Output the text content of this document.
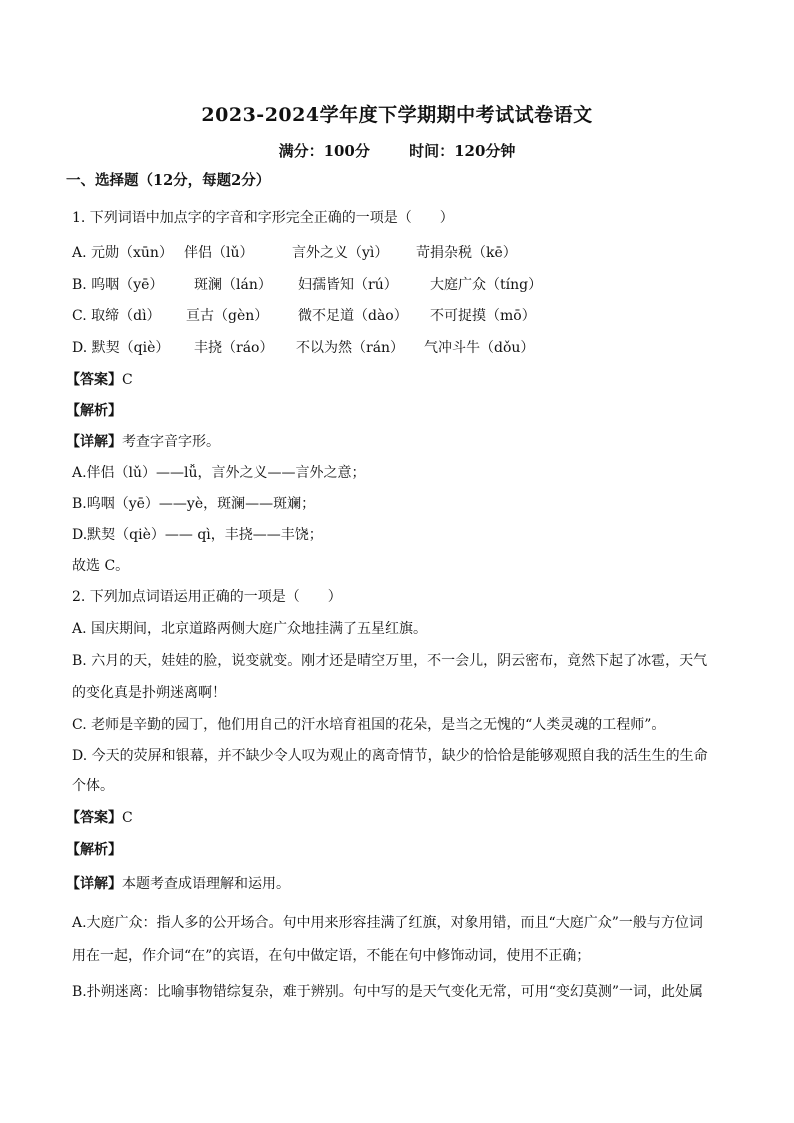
2023-2024学年度下学期期中考试试卷语文
满分：100分	时间：120分钟
一、选择题（12分，每题2分）
1. 下列词语中加点字的字音和字形完全正确的一项是（　　）
A. 元勋（xūn） 伴侣（lǔ）	言外之义（yì） 苛捐杂税（kē）
B. 呜咽（yē） 斑澜（lán） 妇孺皆知（rú） 大庭广众（tíng）
C. 取缔（dì） 亘古（gèn） 微不足道（dào） 不可捉摸（mō）
D. 默契（qiè） 丰挠（ráo） 不以为然（rán） 气冲斗牛（dǒu）
【答案】C
【解析】
【详解】考查字音字形。
A.伴侣（lǔ）——lǚ，言外之义——言外之意；
B.呜咽（yē）——yè，斑澜——斑斓；
D.默契（qiè）—— qì，丰挠——丰饶；
故选 C。
2. 下列加点词语运用正确的一项是（　　）
A. 国庆期间，北京道路两侧大庭广众地挂满了五星红旗。
B. 六月的天，娃娃的脸，说变就变。刚才还是晴空万里，不一会儿，阴云密布，竟然下起了冰雹，天气
的变化真是扑朔迷离啊！
C. 老师是辛勤的园丁，他们用自己的汗水培育祖国的花朵，是当之无愧的“人类灵魂的工程师”。
D. 今天的荧屏和银幕，并不缺少令人叹为观止的离奇情节，缺少的恰恰是能够观照自我的活生生的生命
个体。
【答案】C
【解析】
【详解】本题考查成语理解和运用。
A.大庭广众：指人多的公开场合。句中用来形容挂满了红旗，对象用错，而且“大庭广众”一般与方位词
用在一起，作介词“在”的宾语，在句中做定语，不能在句中修饰动词，使用不正确；
B.扑朔迷离：比喻事物错综复杂，难于辨别。句中写的是天气变化无常，可用“变幻莫测”一词，此处属
